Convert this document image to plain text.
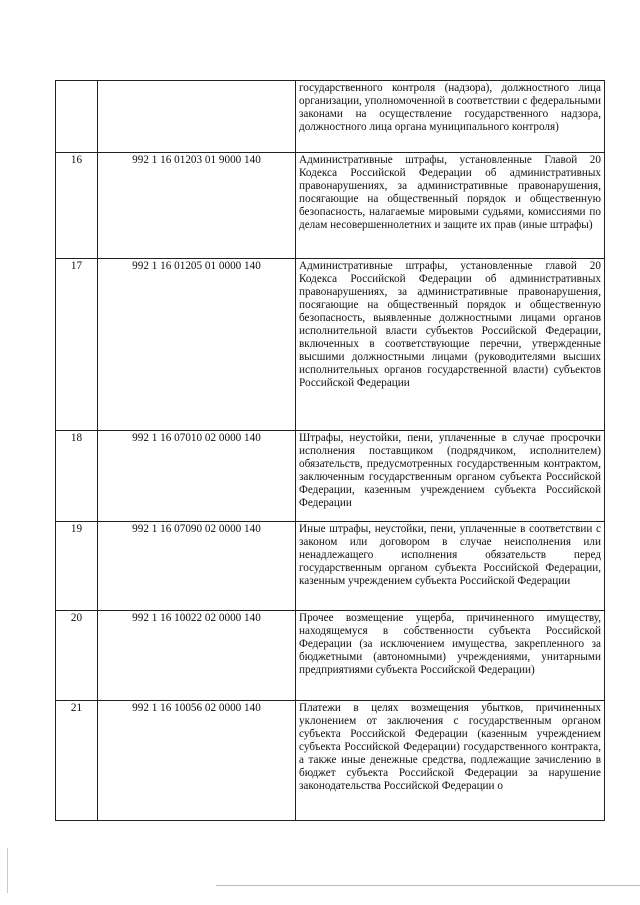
		государственного контроля (надзора), должностного лица организации, уполномоченной в соответствии с федеральными законами на осуществление государственного надзора, должностного лица органа муниципального контроля)
16	992 1 16 01203 01 9000 140	Административные штрафы, установленные Главой 20 Кодекса Российской Федерации об административных правонарушениях, за административные правонарушения, посягающие на общественный порядок и общественную безопасность, налагаемые мировыми судьями, комиссиями по делам несовершеннолетних и защите их прав (иные штрафы)
17	992 1 16 01205 01 0000 140	Административные штрафы, установленные главой 20 Кодекса Российской Федерации об административных правонарушениях, за административные правонарушения, посягающие на общественный порядок и общественную безопасность, выявленные должностными лицами органов исполнительной власти субъектов Российской Федерации, включенных в соответствующие перечни, утвержденные высшими должностными лицами (руководителями высших исполнительных органов государственной власти) субъектов Российской Федерации
18	992 1 16 07010 02 0000 140	Штрафы, неустойки, пени, уплаченные в случае просрочки исполнения поставщиком (подрядчиком, исполнителем) обязательств, предусмотренных государственным контрактом, заключенным государственным органом субъекта Российской Федерации, казенным учреждением субъекта Российской Федерации
19	992 1 16 07090 02 0000 140	Иные штрафы, неустойки, пени, уплаченные в соответствии с законом или договором в случае неисполнения или ненадлежащего исполнения обязательств перед государственным органом субъекта Российской Федерации, казенным учреждением субъекта Российской Федерации
20	992 1 16 10022 02 0000 140	Прочее возмещение ущерба, причиненного имуществу, находящемуся в собственности субъекта Российской Федерации (за исключением имущества, закрепленного за бюджетными (автономными) учреждениями, унитарными предприятиями субъекта Российской Федерации)
21	992 1 16 10056 02 0000 140	Платежи в целях возмещения убытков, причиненных уклонением от заключения с государственным органом субъекта Российской Федерации (казенным учреждением субъекта Российской Федерации) государственного контракта, а также иные денежные средства, подлежащие зачислению в бюджет субъекта Российской Федерации за нарушение законодательства Российской Федерации о
